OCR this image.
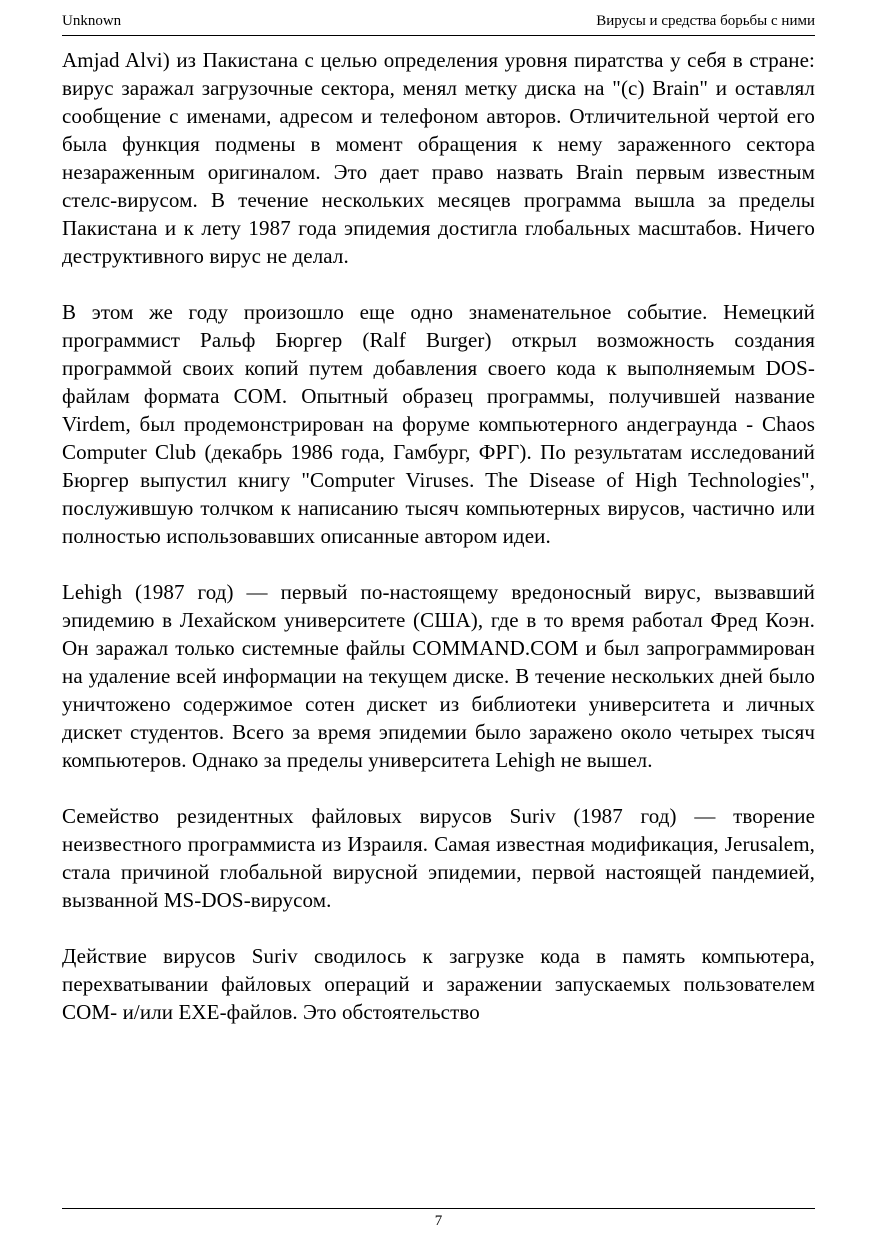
Unknown	Вирусы и средства борьбы с ними

Amjad Alvi) из Пакистана с целью определения уровня пиратства у себя в стране: вирус заражал загрузочные сектора, менял метку диска на "(c) Brain" и оставлял сообщение с именами, адресом и телефоном авторов. Отличительной чертой его была функция подмены в момент обращения к нему зараженного сектора незараженным оригиналом. Это дает право назвать Brain первым известным стелс-вирусом. В течение нескольких месяцев программа вышла за пределы Пакистана и к лету 1987 года эпидемия достигла глобальных масштабов. Ничего деструктивного вирус не делал.

В этом же году произошло еще одно знаменательное событие. Немецкий программист Ральф Бюргер (Ralf Burger) открыл возможность создания программой своих копий путем добавления своего кода к выполняемым DOS-файлам формата COM. Опытный образец программы, получившей название Virdem, был продемонстрирован на форуме компьютерного андеграунда - Chaos Computer Club (декабрь 1986 года, Гамбург, ФРГ). По результатам исследований Бюргер выпустил книгу "Computer Viruses. The Disease of High Technologies", послужившую толчком к написанию тысяч компьютерных вирусов, частично или полностью использовавших описанные автором идеи.

Lehigh (1987 год) — первый по-настоящему вредоносный вирус, вызвавший эпидемию в Лехайском университете (США), где в то время работал Фред Коэн. Он заражал только системные файлы COMMAND.COM и был запрограммирован на удаление всей информации на текущем диске. В течение нескольких дней было уничтожено содержимое сотен дискет из библиотеки университета и личных дискет студентов. Всего за время эпидемии было заражено около четырех тысяч компьютеров. Однако за пределы университета Lehigh не вышел.

Семейство резидентных файловых вирусов Suriv (1987 год) — творение неизвестного программиста из Израиля. Самая известная модификация, Jerusalem, стала причиной глобальной вирусной эпидемии, первой настоящей пандемией, вызванной MS-DOS-вирусом.

Действие вирусов Suriv сводилось к загрузке кода в память компьютера, перехватывании файловых операций и заражении запускаемых пользователем COM- и/или EXE-файлов. Это обстоятельство

7
